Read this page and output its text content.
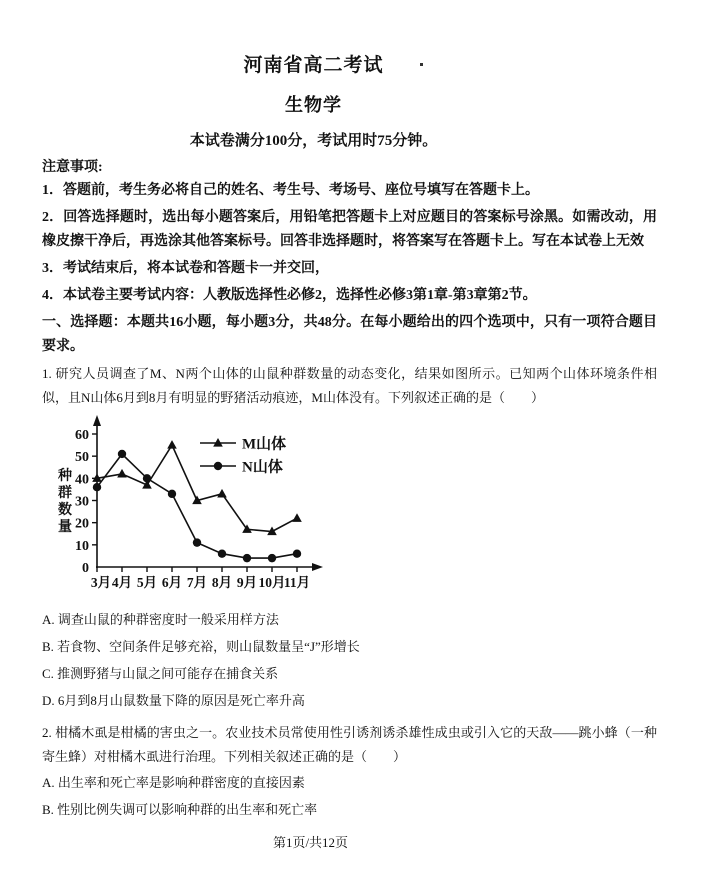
河南省高二考试
生物学
本试卷满分100分，考试用时75分钟。
注意事项:

1．答题前，考生务必将自己的姓名、考生号、考场号、座位号填写在答题卡上。

2．回答选择题时，选出每小题答案后，用铅笔把答题卡上对应题目的答案标号涂黑。如需改动，用橡皮擦干净后，再选涂其他答案标号。回答非选择题时，将答案写在答题卡上。写在本试卷上无效

3．考试结束后，将本试卷和答题卡一并交回，

4．本试卷主要考试内容：人教版选择性必修2，选择性必修3第1章-第3章第2节。

一、选择题：本题共16小题，每小题3分，共48分。在每小题给出的四个选项中，只有一项符合题目要求。

1. 研究人员调查了M、N两个山体的山鼠种群数量的动态变化，结果如图所示。已知两个山体环境条件相似，且N山体6月到8月有明显的野猪活动痕迹，M山体没有。下列叙述正确的是（　　）

0
10
20
30
40
50
60
3月 4月 5月 6月 7月 8月 9月 10月
11月
种
群
数
量
M山体
N山体

A. 调查山鼠的种群密度时一般采用样方法

B. 若食物、空间条件足够充裕，则山鼠数量呈“J”形增长

C. 推测野猪与山鼠之间可能存在捕食关系

D. 6月到8月山鼠数量下降的原因是死亡率升高

2. 柑橘木虱是柑橘的害虫之一。农业技术员常使用性引诱剂诱杀雄性成虫或引入它的天敌——跳小蜂（一种寄生蜂）对柑橘木虱进行治理。下列相关叙述正确的是（　　）

A. 出生率和死亡率是影响种群密度的直接因素

B. 性别比例失调可以影响种群的出生率和死亡率

第1页/共12页
